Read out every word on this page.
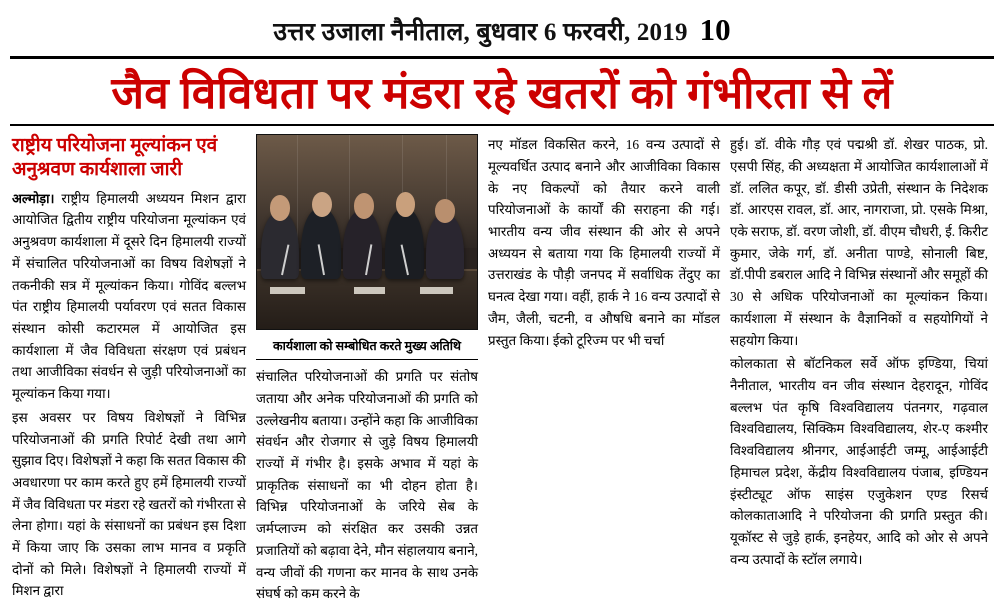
उत्तर उजाला नैनीताल, बुधवार 6 फरवरी, 2019 10
जैव विविधता पर मंडरा रहे खतरों को गंभीरता से लें
राष्ट्रीय परियोजना मूल्यांकन एवं अनुश्रवण कार्यशाला जारी

अल्मोड़ा। राष्ट्रीय हिमालयी अध्ययन मिशन द्वारा आयोजित द्वितीय राष्ट्रीय परियोजना मूल्यांकन एवं अनुश्रवण कार्यशाला में दूसरे दिन हिमालयी राज्यों में संचालित परियोजनाओं का विषय विशेषज्ञों ने तकनीकी सत्र में मूल्यांकन किया। गोविंद बल्लभ पंत राष्ट्रीय हिमालयी पर्यावरण एवं सतत विकास संस्थान कोसी कटारमल में आयोजित इस कार्यशाला में जैव विविधता संरक्षण एवं प्रबंधन तथा आजीविका संवर्धन से जुड़ी परियोजनाओं का मूल्यांकन किया गया।

इस अवसर पर विषय विशेषज्ञों ने विभिन्न परियोजनाओं की प्रगति रिपोर्ट देखी तथा आगे सुझाव दिए। विशेषज्ञों ने कहा कि सतत विकास की अवधारणा पर काम करते हुए हमें हिमालयी राज्यों में जैव विविधता पर मंडरा रहे खतरों को गंभीरता से लेना होगा। यहां के संसाधनों का प्रबंधन इस दिशा में किया जाए कि उसका लाभ मानव व प्रकृति दोनों को मिले। विशेषज्ञों ने हिमालयी राज्यों में मिशन द्वारा

कार्यशाला को सम्बोधित करते मुख्य अतिथि

संचालित परियोजनाओं की प्रगति पर संतोष जताया और अनेक परियोजनाओं की प्रगति को उल्लेखनीय बताया। उन्होंने कहा कि आजीविका संवर्धन और रोजगार से जुड़े विषय हिमालयी राज्यों में गंभीर है। इसके अभाव में यहां के प्राकृतिक संसाधनों का भी दोहन होता है। विभिन्न परियोजनाओं के जरिये सेब के जर्मप्लाज्म को संरक्षित कर उसकी उन्नत प्रजातियों को बढ़ावा देने, मौन संहालयाय बनाने, वन्य जीवों की गणना कर मानव के साथ उनके संघर्ष को कम करने के

नए मॉडल विकसित करने, 16 वन्य उत्पादों से मूल्यवर्धित उत्पाद बनाने और आजीविका विकास के नए विकल्पों को तैयार करने वाली परियोजनाओं के कार्यों की सराहना की गई। भारतीय वन्य जीव संस्थान की ओर से अपने अध्ययन से बताया गया कि हिमालयी राज्यों में उत्तराखंड के पौड़ी जनपद में सर्वाधिक तेंदुए का घनत्व देखा गया। वहीं, हार्क ने 16 वन्य उत्पादों से जैम, जैली, चटनी, व औषधि बनाने का मॉडल प्रस्तुत किया। ईको टूरिज्म पर भी चर्चा

हुई। डॉ. वीके गौड़ एवं पद्मश्री डॉ. शेखर पाठक, प्रो. एसपी सिंह, की अध्यक्षता में आयोजित कार्यशालाओं में डॉ. ललित कपूर, डॉ. डीसी उप्रेती, संस्थान के निदेशक डॉ. आरएस रावल, डॉ. आर, नागराजा, प्रो. एसके मिश्रा, एके सराफ, डॉ. वरण जोशी, डॉ. वीएम चौधरी, ई. किरीट कुमार, जेके गर्ग, डॉ. अनीता पाण्डे, सोनाली बिष्ट, डॉ.पीपी डबराल आदि ने विभिन्न संस्थानों और समूहों की 30 से अधिक परियोजनाओं का मूल्यांकन किया। कार्यशाला में संस्थान के वैज्ञानिकों व सहयोगियों ने सहयोग किया।

कोलकाता से बॉटनिकल सर्वे ऑफ इण्डिया, चियां नैनीताल, भारतीय वन जीव संस्थान देहरादून, गोविंद बल्लभ पंत कृषि विश्वविद्यालय पंतनगर, गढ़वाल विश्वविद्यालय, सिक्किम विश्वविद्यालय, शेर-ए कश्मीर विश्वविद्यालय श्रीनगर, आईआईटी जम्मू, आईआईटी हिमाचल प्रदेश, केंद्रीय विश्वविद्यालय पंजाब, इण्डियन इंस्टीट्यूट ऑफ साइंस एजुकेशन एण्ड रिसर्च कोलकाताआदि ने परियोजना की प्रगति प्रस्तुत की। यूकॉस्ट से जुड़े हार्क, इनहेयर, आदि को ओर से अपने वन्य उत्पादों के स्टॉल लगाये।
